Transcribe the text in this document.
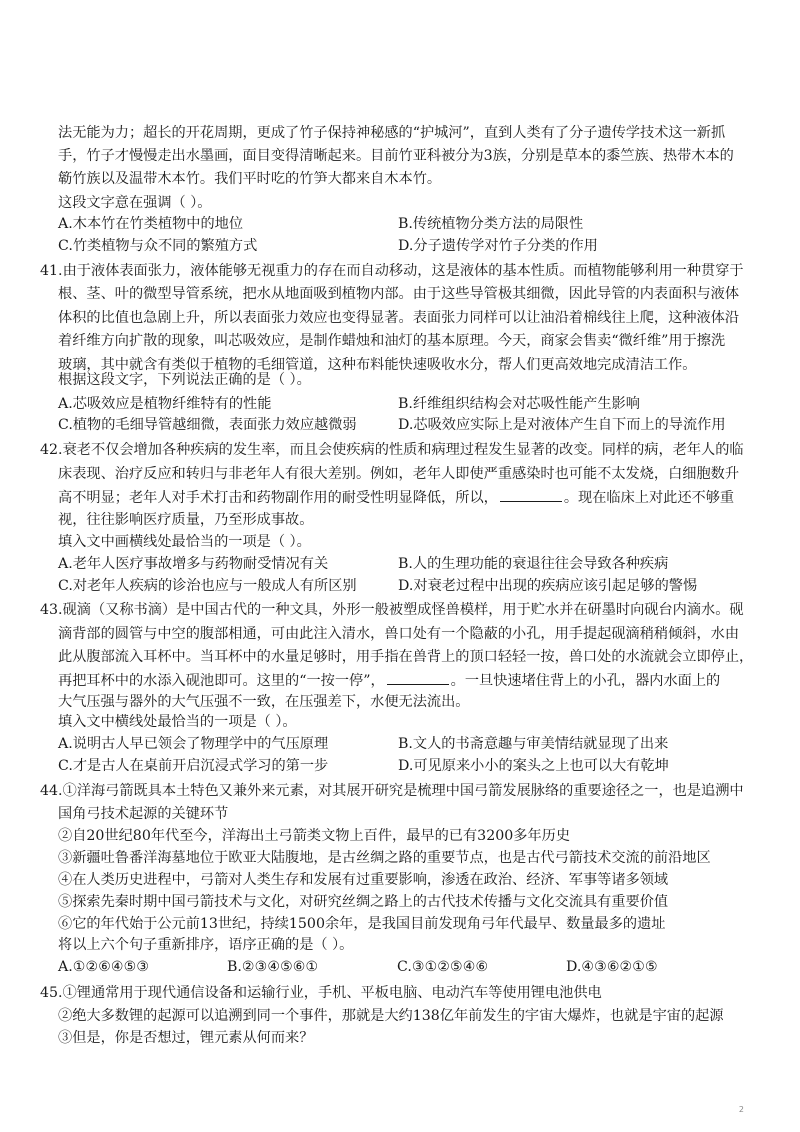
法无能为力；超长的开花周期，更成了竹子保持神秘感的“护城河”，直到人类有了分子遗传学技术这一新抓
手，竹子才慢慢走出水墨画，面目变得清晰起来。目前竹亚科被分为3族，分别是草本的黍竺族、热带木本的
簕竹族以及温带木本竹。我们平时吃的竹笋大都来自木本竹。
这段文字意在强调（ ）。
A.木本竹在竹类植物中的地位	B.传统植物分类方法的局限性
C.竹类植物与众不同的繁殖方式	D.分子遗传学对竹子分类的作用
41.由于液体表面张力，液体能够无视重力的存在而自动移动，这是液体的基本性质。而植物能够利用一种贯穿于
根、茎、叶的微型导管系统，把水从地面吸到植物内部。由于这些导管极其细微，因此导管的内表面积与液体
体积的比值也急剧上升，所以表面张力效应也变得显著。表面张力同样可以让油沿着棉线往上爬，这种液体沿
着纤维方向扩散的现象，叫芯吸效应，是制作蜡烛和油灯的基本原理。今天，商家会售卖“微纤维”用于擦洗
玻璃，其中就含有类似于植物的毛细管道，这种布料能快速吸收水分，帮人们更高效地完成清洁工作。
根据这段文字，下列说法正确的是（ ）。
A.芯吸效应是植物纤维特有的性能	B.纤维组织结构会对芯吸性能产生影响
C.植物的毛细导管越细微，表面张力效应越微弱	D.芯吸效应实际上是对液体产生自下而上的导流作用
42.衰老不仅会增加各种疾病的发生率，而且会使疾病的性质和病理过程发生显著的改变。同样的病，老年人的临
床表现、治疗反应和转归与非老年人有很大差别。例如，老年人即使严重感染时也可能不太发烧，白细胞数升
高不明显；老年人对手术打击和药物副作用的耐受性明显降低，所以，	。现在临床上对此还不够重
视，往往影响医疗质量，乃至形成事故。
填入文中画横线处最恰当的一项是（ ）。
A.老年人医疗事故增多与药物耐受情况有关	B.人的生理功能的衰退往往会导致各种疾病
C.对老年人疾病的诊治也应与一般成人有所区别	D.对衰老过程中出现的疾病应该引起足够的警惕
43.砚滴（又称书滴）是中国古代的一种文具，外形一般被塑成怪兽模样，用于贮水并在研墨时向砚台内滴水。砚
滴背部的圆管与中空的腹部相通，可由此注入清水，兽口处有一个隐蔽的小孔，用手提起砚滴稍稍倾斜，水由
此从腹部流入耳杯中。当耳杯中的水量足够时，用手指在兽背上的顶口轻轻一按，兽口处的水流就会立即停止，
再把耳杯中的水添入砚池即可。这里的“一按一停”，	。一旦快速堵住背上的小孔，器内水面上的
大气压强与器外的大气压强不一致，在压强差下，水便无法流出。
填入文中横线处最恰当的一项是（ ）。
A.说明古人早已领会了物理学中的气压原理	B.文人的书斋意趣与审美情结就显现了出来
C.才是古人在桌前开启沉浸式学习的第一步	D.可见原来小小的案头之上也可以大有乾坤
44.①洋海弓箭既具本土特色又兼外来元素，对其展开研究是梳理中国弓箭发展脉络的重要途径之一，也是追溯中
国角弓技术起源的关键环节
②自20世纪80年代至今，洋海出土弓箭类文物上百件，最早的已有3200多年历史
③新疆吐鲁番洋海墓地位于欧亚大陆腹地，是古丝绸之路的重要节点，也是古代弓箭技术交流的前沿地区
④在人类历史进程中，弓箭对人类生存和发展有过重要影响，渗透在政治、经济、军事等诸多领域
⑤探索先秦时期中国弓箭技术与文化，对研究丝绸之路上的古代技术传播与文化交流具有重要价值
⑥它的年代始于公元前13世纪，持续1500余年，是我国目前发现角弓年代最早、数量最多的遗址
将以上六个句子重新排序，语序正确的是（ ）。
A.①②⑥④⑤③	B.②③④⑤⑥①	C.③①②⑤④⑥	D.④③⑥②①⑤
45.①锂通常用于现代通信设备和运输行业，手机、平板电脑、电动汽车等使用锂电池供电
②绝大多数锂的起源可以追溯到同一个事件，那就是大约138亿年前发生的宇宙大爆炸，也就是宇宙的起源
③但是，你是否想过，锂元素从何而来？
2
